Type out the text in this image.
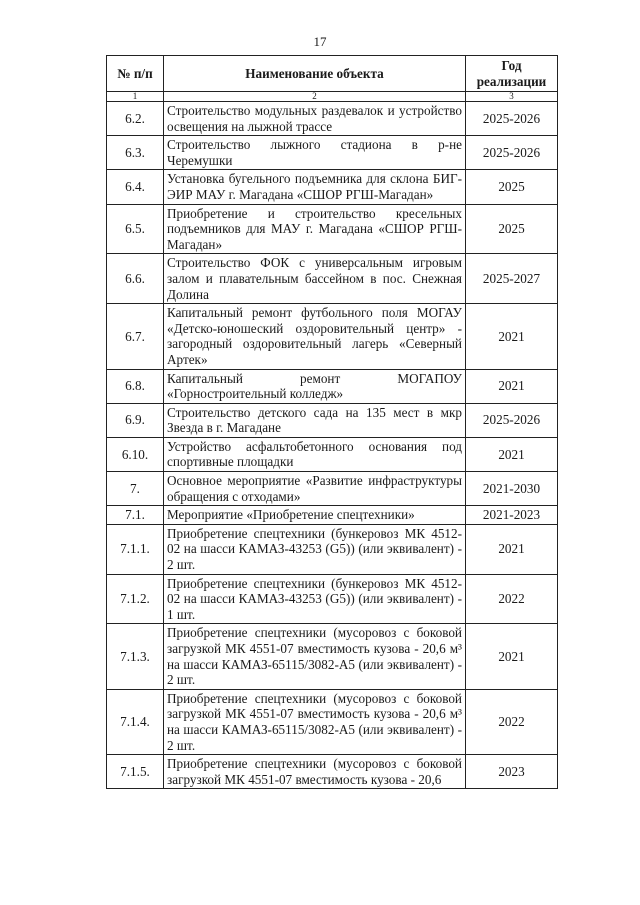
17
№ п/п	Наименование объекта	Год реализации
1	2	3
6.2.	Строительство модульных раздевалок и устройство освещения на лыжной трассе	2025-2026
6.3.	Строительство лыжного стадиона в р-не Черемушки	2025-2026
6.4.	Установка бугельного подъемника для склона БИГ-ЭИР МАУ г. Магадана «СШОР РГШ-Магадан»	2025
6.5.	Приобретение и строительство кресельных подъемников для МАУ г. Магадана «СШОР РГШ-Магадан»	2025
6.6.	Строительство ФОК с универсальным игровым залом и плавательным бассейном в пос. Снежная Долина	2025-2027
6.7.	Капитальный ремонт футбольного поля МОГАУ «Детско-юношеский оздоровительный центр» - загородный оздоровительный лагерь «Северный Артек»	2021
6.8.	Капитальный ремонт МОГАПОУ «Горностроительный колледж»	2021
6.9.	Строительство детского сада на 135 мест в мкр Звезда в г. Магадане	2025-2026
6.10.	Устройство асфальтобетонного основания под спортивные площадки	2021
7.	Основное мероприятие «Развитие инфраструктуры обращения с отходами»	2021-2030
7.1.	Мероприятие «Приобретение спецтехники»	2021-2023
7.1.1.	Приобретение спецтехники (бункеровоз МК 4512-02 на шасси КАМАЗ-43253 (G5)) (или эквивалент) - 2 шт.	2021
7.1.2.	Приобретение спецтехники (бункеровоз МК 4512-02 на шасси КАМАЗ-43253 (G5)) (или эквивалент) - 1 шт.	2022
7.1.3.	Приобретение спецтехники (мусоровоз с боковой загрузкой МК 4551-07 вместимость кузова - 20,6 м³ на шасси КАМАЗ-65115/3082-А5 (или эквивалент) - 2 шт.	2021
7.1.4.	Приобретение спецтехники (мусоровоз с боковой загрузкой МК 4551-07 вместимость кузова - 20,6 м³ на шасси КАМАЗ-65115/3082-А5 (или эквивалент) - 2 шт.	2022
7.1.5.	Приобретение спецтехники (мусоровоз с боковой загрузкой МК 4551-07 вместимость кузова - 20,6	2023
